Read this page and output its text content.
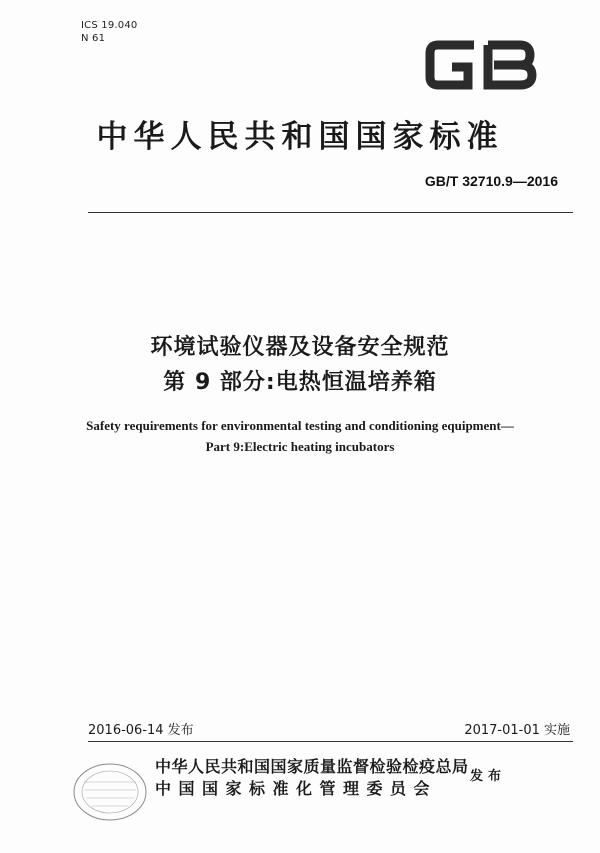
ICS 19.040
N 61
中华人民共和国国家标准
GB/T 32710.9—2016
环境试验仪器及设备安全规范
第 9 部分:电热恒温培养箱
Safety requirements for environmental testing and conditioning equipment—
Part 9:Electric heating incubators
2016-06-14 发布	2017-01-01 实施
中华人民共和国国家质量监督检验检疫总局
中国国家标准化管理委员会
发布
